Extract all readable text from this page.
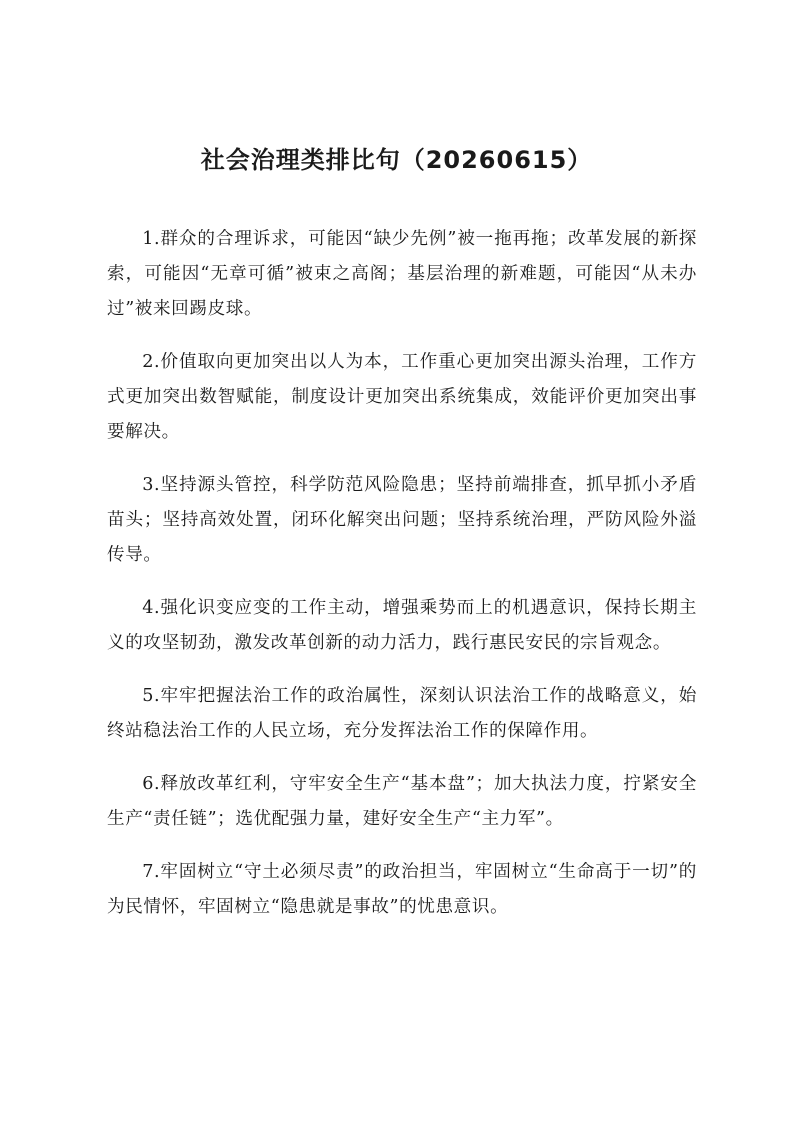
社会治理类排比句（20260615）

1.群众的合理诉求，可能因“缺少先例”被一拖再拖；改革发展的新探索，可能因“无章可循”被束之高阁；基层治理的新难题，可能因“从未办过”被来回踢皮球。

2.价值取向更加突出以人为本，工作重心更加突出源头治理，工作方式更加突出数智赋能，制度设计更加突出系统集成，效能评价更加突出事要解决。

3.坚持源头管控，科学防范风险隐患；坚持前端排查，抓早抓小矛盾苗头；坚持高效处置，闭环化解突出问题；坚持系统治理，严防风险外溢传导。

4.强化识变应变的工作主动，增强乘势而上的机遇意识，保持长期主义的攻坚韧劲，激发改革创新的动力活力，践行惠民安民的宗旨观念。

5.牢牢把握法治工作的政治属性，深刻认识法治工作的战略意义，始终站稳法治工作的人民立场，充分发挥法治工作的保障作用。

6.释放改革红利，守牢安全生产“基本盘”；加大执法力度，拧紧安全生产“责任链”；选优配强力量，建好安全生产“主力军”。

7.牢固树立“守土必须尽责”的政治担当，牢固树立“生命高于一切”的为民情怀，牢固树立“隐患就是事故”的忧患意识。
